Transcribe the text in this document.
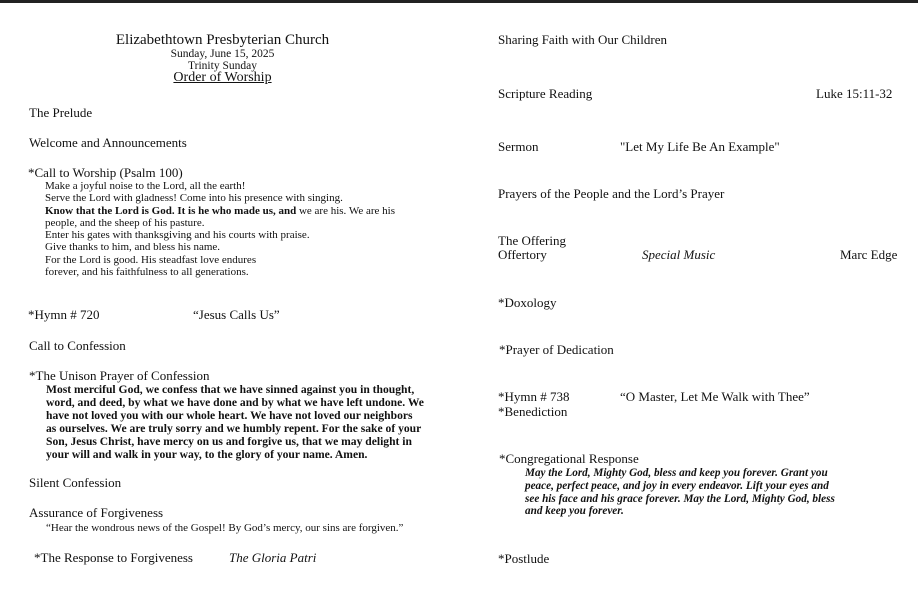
Elizabethtown Presbyterian Church
Sunday, June 15, 2025
Trinity Sunday
Order of Worship
The Prelude
Welcome and Announcements
*Call to Worship (Psalm 100)
Make a joyful noise to the Lord, all the earth!
Serve the Lord with gladness! Come into his presence with singing.
Know that the Lord is God. It is he who made us, and we are his. We are his
people, and the sheep of his pasture.
Enter his gates with thanksgiving and his courts with praise.
Give thanks to him, and bless his name.
For the Lord is good. His steadfast love endures
forever, and his faithfulness to all generations.
*Hymn # 720	“Jesus Calls Us”
Call to Confession
*The Unison Prayer of Confession
Most merciful God, we confess that we have sinned against you in thought,
word, and deed, by what we have done and by what we have left undone. We
have not loved you with our whole heart. We have not loved our neighbors
as ourselves. We are truly sorry and we humbly repent. For the sake of your
Son, Jesus Christ, have mercy on us and forgive us, that we may delight in
your will and walk in your way, to the glory of your name. Amen.
Silent Confession
Assurance of Forgiveness
“Hear the wondrous news of the Gospel! By God’s mercy, our sins are forgiven.”
*The Response to Forgiveness	The Gloria Patri
Sharing Faith with Our Children
Scripture Reading	Luke 15:11-32
Sermon	"Let My Life Be An Example"
Prayers of the People and the Lord’s Prayer
The Offering
Offertory	Special Music	Marc Edge
*Doxology
*Prayer of Dedication
*Hymn # 738	“O Master, Let Me Walk with Thee”
*Benediction
*Congregational Response
May the Lord, Mighty God, bless and keep you forever. Grant you
peace, perfect peace, and joy in every endeavor. Lift your eyes and
see his face and his grace forever. May the Lord, Mighty God, bless
and keep you forever.
*Postlude
